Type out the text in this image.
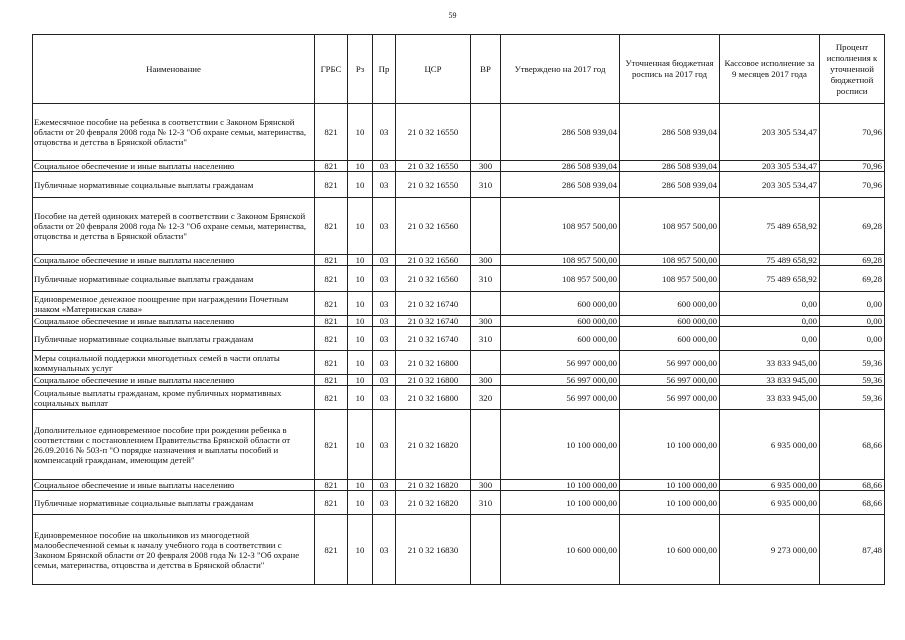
59
Наименование	ГРБС	Рз	Пр	ЦСР	ВР	Утверждено на 2017 год	Уточненная бюджетная роспись на 2017 год	Кассовое исполнение за 9 месяцев 2017 года	Процент исполнения к уточненной бюджетной росписи
Ежемесячное пособие на ребенка в соответствии с Законом Брянской области от 20 февраля 2008 года № 12-З "Об охране семьи, материнства, отцовства и детства в Брянской области"	821	10	03	21 0 32 16550		286 508 939,04	286 508 939,04	203 305 534,47	70,96
Социальное обеспечение и иные выплаты населению	821	10	03	21 0 32 16550	300	286 508 939,04	286 508 939,04	203 305 534,47	70,96
Публичные нормативные социальные выплаты гражданам	821	10	03	21 0 32 16550	310	286 508 939,04	286 508 939,04	203 305 534,47	70,96
Пособие на детей одиноких матерей в соответствии с Законом Брянской области от 20 февраля 2008 года № 12-З "Об охране семьи, материнства, отцовства и детства в Брянской области"	821	10	03	21 0 32 16560		108 957 500,00	108 957 500,00	75 489 658,92	69,28
Социальное обеспечение и иные выплаты населению	821	10	03	21 0 32 16560	300	108 957 500,00	108 957 500,00	75 489 658,92	69,28
Публичные нормативные социальные выплаты гражданам	821	10	03	21 0 32 16560	310	108 957 500,00	108 957 500,00	75 489 658,92	69,28
Единовременное денежное поощрение при награждении Почетным знаком «Материнская слава»	821	10	03	21 0 32 16740		600 000,00	600 000,00	0,00	0,00
Социальное обеспечение и иные выплаты населению	821	10	03	21 0 32 16740	300	600 000,00	600 000,00	0,00	0,00
Публичные нормативные социальные выплаты гражданам	821	10	03	21 0 32 16740	310	600 000,00	600 000,00	0,00	0,00
Меры социальной поддержки многодетных семей в части оплаты коммунальных услуг	821	10	03	21 0 32 16800		56 997 000,00	56 997 000,00	33 833 945,00	59,36
Социальное обеспечение и иные выплаты населению	821	10	03	21 0 32 16800	300	56 997 000,00	56 997 000,00	33 833 945,00	59,36
Социальные выплаты гражданам, кроме публичных нормативных социальных выплат	821	10	03	21 0 32 16800	320	56 997 000,00	56 997 000,00	33 833 945,00	59,36
Дополнительное единовременное пособие при рождении ребенка в соответствии с постановлением Правительства Брянской области от 26.09.2016 № 503-п "О порядке назначения и выплаты пособий и компенсаций гражданам, имеющим детей"	821	10	03	21 0 32 16820		10 100 000,00	10 100 000,00	6 935 000,00	68,66
Социальное обеспечение и иные выплаты населению	821	10	03	21 0 32 16820	300	10 100 000,00	10 100 000,00	6 935 000,00	68,66
Публичные нормативные социальные выплаты гражданам	821	10	03	21 0 32 16820	310	10 100 000,00	10 100 000,00	6 935 000,00	68,66
Единовременное пособие на школьников из многодетной малообеспеченной семьи к началу учебного года в соответствии с Законом Брянской области от 20 февраля 2008 года № 12-З "Об охране семьи, материнства, отцовства и детства в Брянской области"	821	10	03	21 0 32 16830		10 600 000,00	10 600 000,00	9 273 000,00	87,48
